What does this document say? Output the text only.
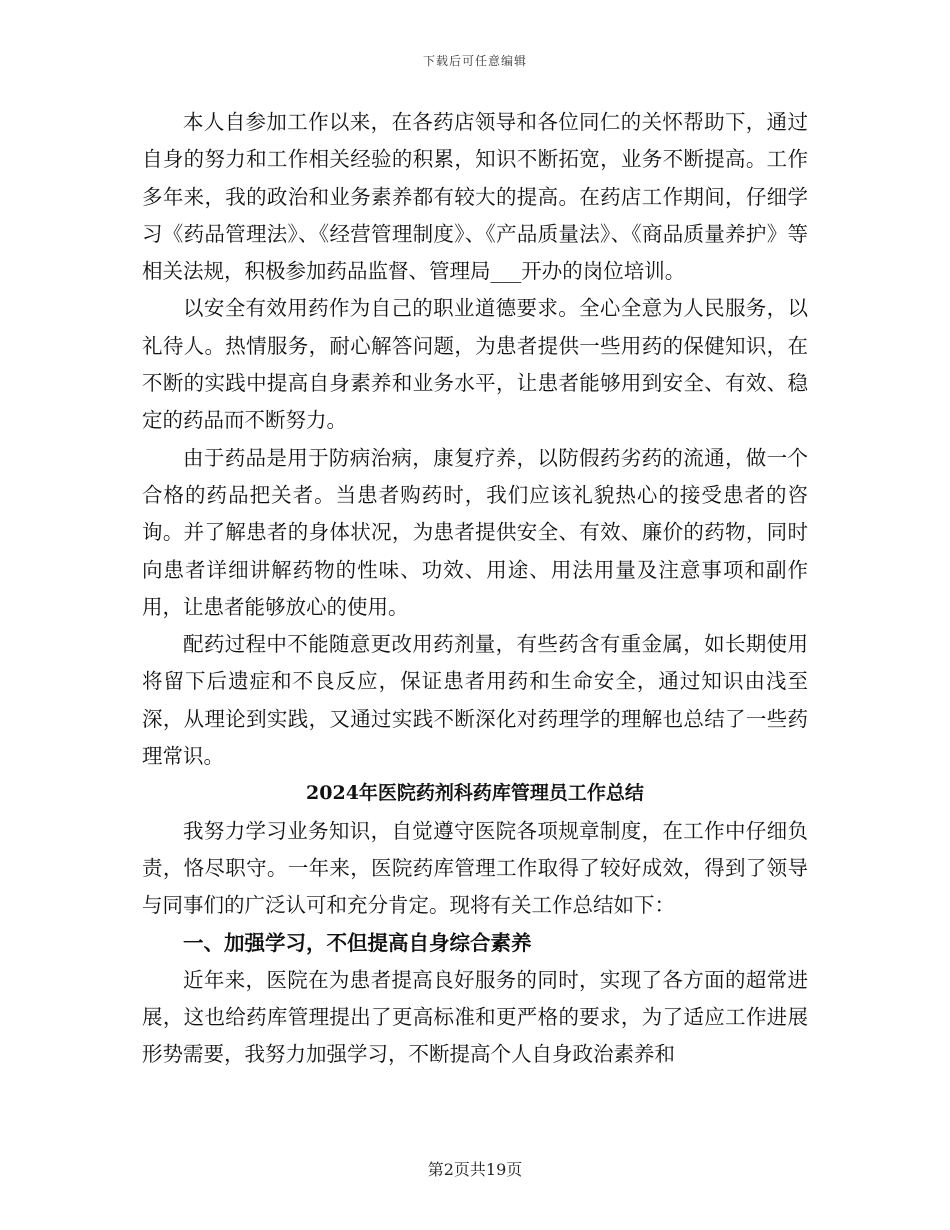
下载后可任意编辑

本人自参加工作以来，在各药店领导和各位同仁的关怀帮助下，通过自身的努力和工作相关经验的积累，知识不断拓宽，业务不断提高。工作多年来，我的政治和业务素养都有较大的提高。在药店工作期间，仔细学习《药品管理法》、《经营管理制度》、《产品质量法》、《商品质量养护》等相关法规，积极参加药品监督、管理局___开办的岗位培训。

以安全有效用药作为自己的职业道德要求。全心全意为人民服务，以礼待人。热情服务，耐心解答问题，为患者提供一些用药的保健知识，在不断的实践中提高自身素养和业务水平，让患者能够用到安全、有效、稳定的药品而不断努力。

由于药品是用于防病治病，康复疗养，以防假药劣药的流通，做一个合格的药品把关者。当患者购药时，我们应该礼貌热心的接受患者的咨询。并了解患者的身体状况，为患者提供安全、有效、廉价的药物，同时向患者详细讲解药物的性味、功效、用途、用法用量及注意事项和副作用，让患者能够放心的使用。

配药过程中不能随意更改用药剂量，有些药含有重金属，如长期使用将留下后遗症和不良反应，保证患者用药和生命安全，通过知识由浅至深，从理论到实践，又通过实践不断深化对药理学的理解也总结了一些药理常识。

2024年医院药剂科药库管理员工作总结

我努力学习业务知识，自觉遵守医院各项规章制度，在工作中仔细负责，恪尽职守。一年来，医院药库管理工作取得了较好成效，得到了领导与同事们的广泛认可和充分肯定。现将有关工作总结如下：

一、加强学习，不但提高自身综合素养

近年来，医院在为患者提高良好服务的同时，实现了各方面的超常进展，这也给药库管理提出了更高标准和更严格的要求，为了适应工作进展形势需要，我努力加强学习，不断提高个人自身政治素养和

第2页共19页
